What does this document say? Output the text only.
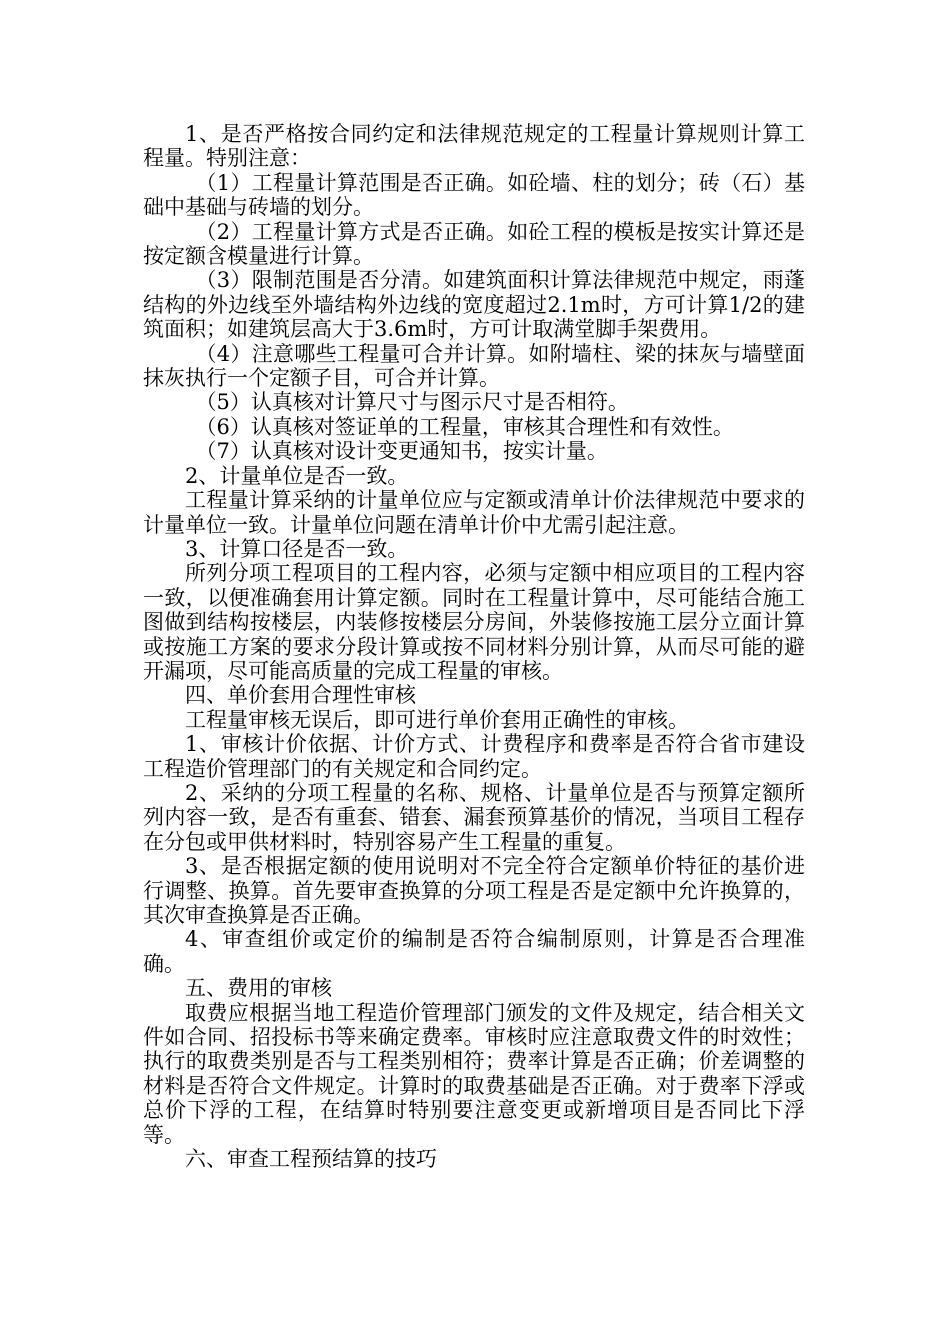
1、是否严格按合同约定和法律规范规定的工程量计算规则计算工程量。特别注意：

（1）工程量计算范围是否正确。如砼墙、柱的划分；砖（石）基础中基础与砖墙的划分。

（2）工程量计算方式是否正确。如砼工程的模板是按实计算还是按定额含模量进行计算。

（3）限制范围是否分清。如建筑面积计算法律规范中规定，雨蓬结构的外边线至外墙结构外边线的宽度超过2.1m时，方可计算1/2的建筑面积；如建筑层高大于3.6m时，方可计取满堂脚手架费用。

（4）注意哪些工程量可合并计算。如附墙柱、梁的抹灰与墙壁面抹灰执行一个定额子目，可合并计算。

（5）认真核对计算尺寸与图示尺寸是否相符。

（6）认真核对签证单的工程量，审核其合理性和有效性。

（7）认真核对设计变更通知书，按实计量。

2、计量单位是否一致。

工程量计算采纳的计量单位应与定额或清单计价法律规范中要求的计量单位一致。计量单位问题在清单计价中尤需引起注意。

3、计算口径是否一致。

所列分项工程项目的工程内容，必须与定额中相应项目的工程内容一致，以便准确套用计算定额。同时在工程量计算中，尽可能结合施工图做到结构按楼层，内装修按楼层分房间，外装修按施工层分立面计算或按施工方案的要求分段计算或按不同材料分别计算，从而尽可能的避开漏项，尽可能高质量的完成工程量的审核。

四、单价套用合理性审核

工程量审核无误后，即可进行单价套用正确性的审核。

1、审核计价依据、计价方式、计费程序和费率是否符合省市建设工程造价管理部门的有关规定和合同约定。

2、采纳的分项工程量的名称、规格、计量单位是否与预算定额所列内容一致，是否有重套、错套、漏套预算基价的情况，当项目工程存在分包或甲供材料时，特别容易产生工程量的重复。

3、是否根据定额的使用说明对不完全符合定额单价特征的基价进行调整、换算。首先要审查换算的分项工程是否是定额中允许换算的，其次审查换算是否正确。

4、审查组价或定价的编制是否符合编制原则，计算是否合理准确。

五、费用的审核

取费应根据当地工程造价管理部门颁发的文件及规定，结合相关文件如合同、招投标书等来确定费率。审核时应注意取费文件的时效性；执行的取费类别是否与工程类别相符；费率计算是否正确；价差调整的材料是否符合文件规定。计算时的取费基础是否正确。对于费率下浮或总价下浮的工程，在结算时特别要注意变更或新增项目是否同比下浮等。

六、审查工程预结算的技巧
